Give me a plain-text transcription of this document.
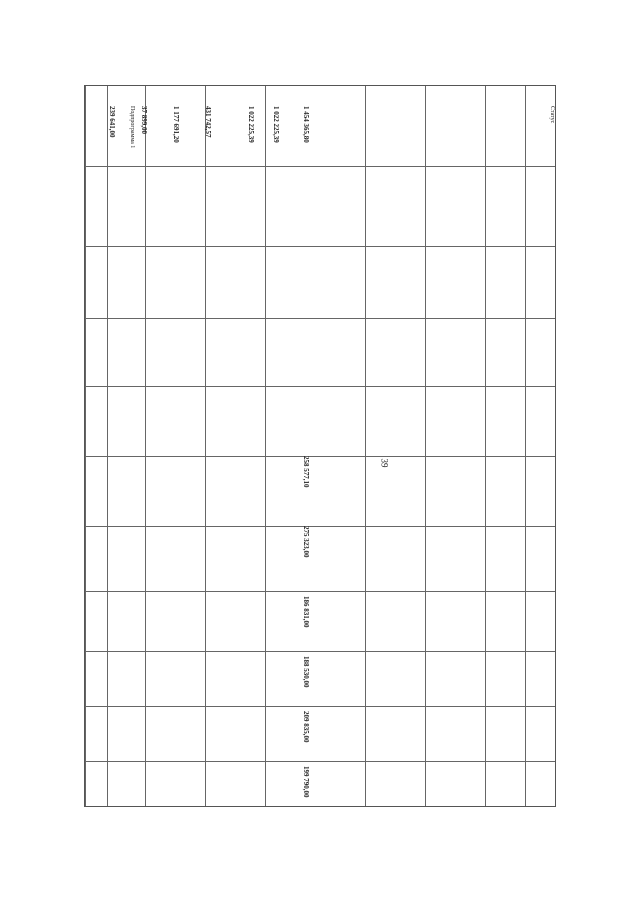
39
Статус
Подпрограмма 1	1 454 365,80
1 022 225,39
1 022 225,39
431 742,57
1 177 691,20
37 899,00
239 641,00
258 577,10
275 323,00
186 831,00
188 530,00
209 835,00
199 790,00
